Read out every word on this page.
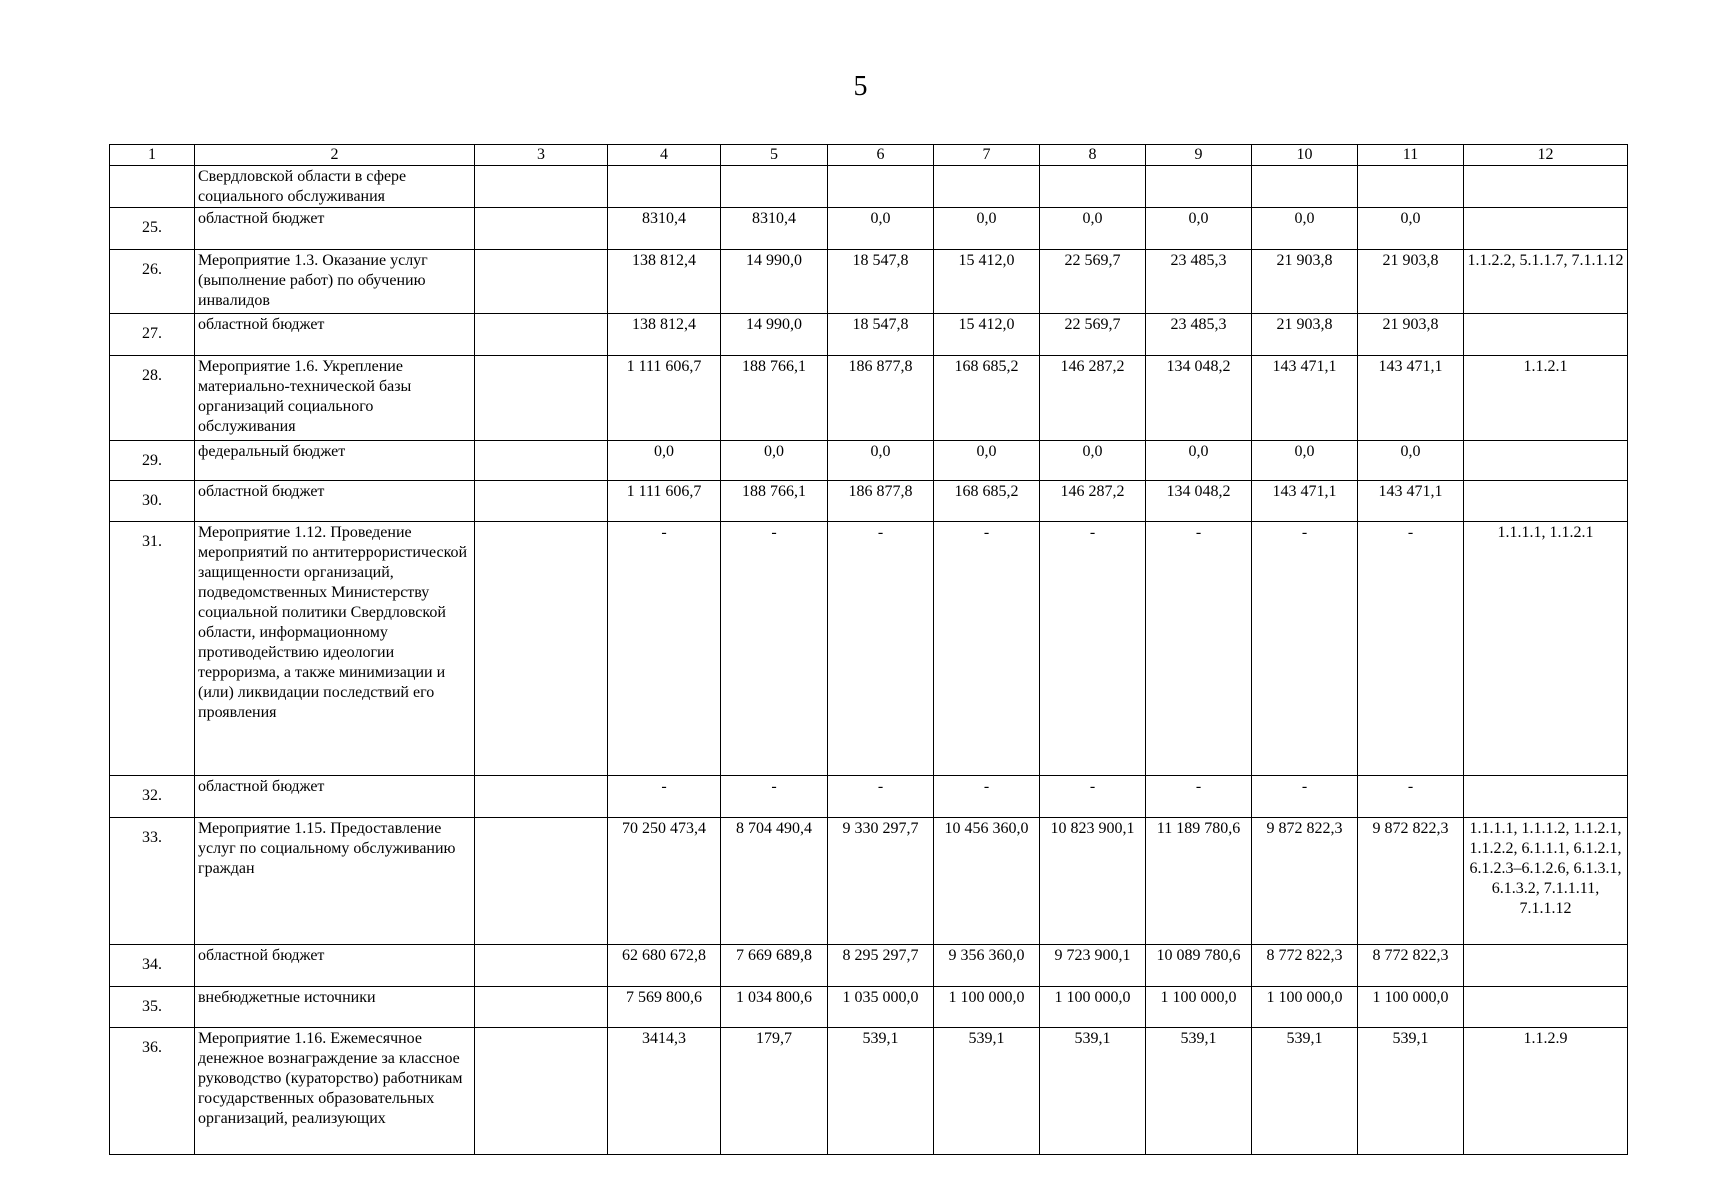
5
1	2	3	4	5	6	7	8	9	10	11	12
	Свердловской области в сфере социального обслуживания										
25.	областной бюджет		8310,4	8310,4	0,0	0,0	0,0	0,0	0,0	0,0	
26.	Мероприятие 1.3. Оказание услуг (выполнение работ) по обучению инвалидов		138 812,4	14 990,0	18 547,8	15 412,0	22 569,7	23 485,3	21 903,8	21 903,8	1.1.2.2, 5.1.1.7, 7.1.1.12
27.	областной бюджет		138 812,4	14 990,0	18 547,8	15 412,0	22 569,7	23 485,3	21 903,8	21 903,8	
28.	Мероприятие 1.6. Укрепление материально-технической базы организаций социального обслуживания		1 111 606,7	188 766,1	186 877,8	168 685,2	146 287,2	134 048,2	143 471,1	143 471,1	1.1.2.1
29.	федеральный бюджет		0,0	0,0	0,0	0,0	0,0	0,0	0,0	0,0	
30.	областной бюджет		1 111 606,7	188 766,1	186 877,8	168 685,2	146 287,2	134 048,2	143 471,1	143 471,1	
31.	Мероприятие 1.12. Проведение мероприятий по антитеррористической защищенности организаций, подведомственных Министерству социальной политики Свердловской области, информационному противодействию идеологии терроризма, а также минимизации и (или) ликвидации последствий его проявления		-	-	-	-	-	-	-	-	1.1.1.1, 1.1.2.1
32.	областной бюджет		-	-	-	-	-	-	-	-	
33.	Мероприятие 1.15. Предоставление услуг по социальному обслуживанию граждан		70 250 473,4	8 704 490,4	9 330 297,7	10 456 360,0	10 823 900,1	11 189 780,6	9 872 822,3	9 872 822,3	1.1.1.1, 1.1.1.2, 1.1.2.1, 1.1.2.2, 6.1.1.1, 6.1.2.1, 6.1.2.3–6.1.2.6, 6.1.3.1, 6.1.3.2, 7.1.1.11, 7.1.1.12
34.	областной бюджет		62 680 672,8	7 669 689,8	8 295 297,7	9 356 360,0	9 723 900,1	10 089 780,6	8 772 822,3	8 772 822,3	
35.	внебюджетные источники		7 569 800,6	1 034 800,6	1 035 000,0	1 100 000,0	1 100 000,0	1 100 000,0	1 100 000,0	1 100 000,0	
36.	Мероприятие 1.16. Ежемесячное денежное вознаграждение за классное руководство (кураторство) работникам государственных образовательных организаций, реализующих		3414,3	179,7	539,1	539,1	539,1	539,1	539,1	539,1	1.1.2.9
